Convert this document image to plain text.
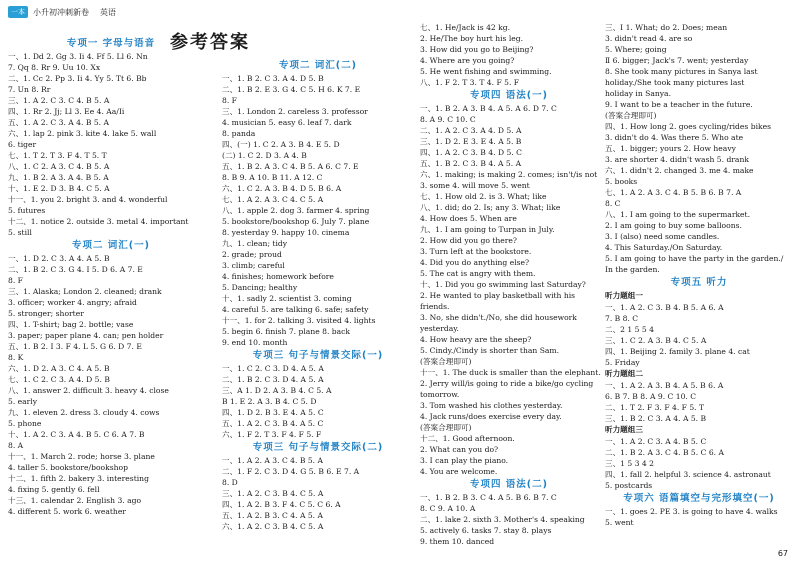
一本	小升初冲刺新卷 英语
参考答案
专项一 字母与语音
一、1. Dd 2. Gg 3. Ii 4. Ff 5. Ll 6. Nn
7. Qq 8. Rr 9. Uu 10. Xx
二、1. Cc 2. Pp 3. Ii 4. Yy 5. Tt 6. Bb
7. Un 8. Rr
三、1. A 2. C 3. C 4. B 5. A
四、1. Rr 2. Jj; Ll 3. Ee 4. Aa/Ii
五、1. A 2. C 3. A 4. B 5. A
六、1. lap 2. pink 3. kite 4. lake 5. wall
6. tiger
七、1. T 2. T 3. F 4. T 5. T
八、1. C 2. A 3. C 4. B 5. A
九、1. B 2. A 3. A 4. B 5. A
十、1. E 2. D 3. B 4. C 5. A
十一、1. you 2. bright 3. and 4. wonderful
5. futures
十二、1. notice 2. outside 3. metal 4. important
5. still
专项二 词汇(一)
一、1. D 2. C 3. A 4. A 5. B
二、1. B 2. C 3. G 4. I 5. D 6. A 7. E
8. F
三、1. Alaska; London 2. cleaned; drank
3. officer; worker 4. angry; afraid
5. stronger; shorter
四、1. T-shirt; bag 2. bottle; vase
3. paper; paper plane 4. can; pen holder
五、1. B 2. I 3. F 4. L 5. G 6. D 7. E
8. K
六、1. D 2. A 3. C 4. A 5. B
七、1. C 2. C 3. A 4. D 5. B
八、1. answer 2. difficult 3. heavy 4. close
5. early
九、1. eleven 2. dress 3. cloudy 4. cows
5. phone
十、1. A 2. C 3. A 4. B 5. C 6. A 7. B
8. A
十一、1. March 2. rode; horse 3. plane
4. taller 5. bookstore/bookshop
十二、1. fifth 2. bakery 3. interesting
4. fixing 5. gently 6. fell
十三、1. calendar 2. English 3. ago
4. different 5. work 6. weather
专项二 词汇(二)
一、1. B 2. C 3. A 4. D 5. B
二、1. B 2. E 3. G 4. C 5. H 6. K 7. E
8. F
三、1. London 2. careless 3. professor
4. musician 5. easy 6. leaf 7. dark
8. panda
四、(一) 1. C 2. A 3. B 4. E 5. D
(二) 1. C 2. D 3. A 4. B
五、1. B 2. A 3. C 4. B 5. A 6. C 7. E
8. B 9. A 10. B 11. A 12. C
六、1. C 2. A 3. B 4. D 5. B 6. A
七、1. A 2. A 3. C 4. C 5. A
八、1. apple 2. dog 3. farmer 4. spring
5. bookstore/bookshop 6. July 7. plane
8. yesterday 9. happy 10. cinema
九、1. clean; tidy
2. grade; proud
3. climb; careful
4. finishes; homework before
5. Dancing; healthy
十、1. sadly 2. scientist 3. coming
4. careful 5. are talking 6. safe; safety
十一、1. for 2. talking 3. visited 4. lights
5. begin 6. finish 7. plane 8. back
9. end 10. month
专项三 句子与情景交际(一)
一、1. C 2. C 3. D 4. A 5. A
二、1. B 2. C 3. D 4. A 5. A
三、A 1. D 2. A 3. B 4. C 5. A
B 1. E 2. A 3. B 4. C 5. D
四、1. D 2. B 3. E 4. A 5. C
五、1. A 2. C 3. B 4. A 5. C
六、1. F 2. T 3. F 4. F 5. F
专项三 句子与情景交际(二)
一、1. A 2. A 3. C 4. B 5. A
二、1. F 2. C 3. D 4. G 5. B 6. E 7. A
8. D
三、1. A 2. C 3. B 4. C 5. A
四、1. A 2. B 3. F 4. C 5. C 6. A
五、1. A 2. B 3. C 4. A 5. A
六、1. A 2. C 3. B 4. C 5. A
七、1. He/Jack is 42 kg.
2. He/The boy hurt his leg.
3. How did you go to Beijing?
4. Where are you going?
5. He went fishing and swimming.
八、1. F 2. T 3. T 4. F 5. F
专项四 语法(一)
一、1. B 2. A 3. B 4. A 5. A 6. D 7. C
8. A 9. C 10. C
二、1. A 2. C 3. A 4. D 5. A
三、1. D 2. E 3. E 4. A 5. B
四、1. A 2. C 3. B 4. D 5. C
五、1. B 2. C 3. B 4. A 5. A
六、1. making; is making 2. comes; isn't/is not
3. some 4. will move 5. went
七、1. How old 2. is 3. What; like
八、1. did; do 2. Is; any 3. What; like
4. How does 5. When are
九、1. I am going to Turpan in July.
2. How did you go there?
3. Turn left at the bookstore.
4. Did you do anything else?
5. The cat is angry with them.
十、1. Did you go swimming last Saturday?
2. He wanted to play basketball with his
friends.
3. No, she didn't./No, she did housework
yesterday.
4. How heavy are the sheep?
5. Cindy./Cindy is shorter than Sam.
(答案合理即可)
十一、1. The duck is smaller than the elephant.
2. Jerry will/is going to ride a bike/go cycling
tomorrow.
3. Tom washed his clothes yesterday.
4. Jack runs/does exercise every day.
(答案合理即可)
十二、1. Good afternoon.
2. What can you do?
3. I can play the piano.
4. You are welcome.
专项四 语法(二)
一、1. B 2. B 3. C 4. A 5. B 6. B 7. C
8. C 9. A 10. A
二、1. lake 2. sixth 3. Mother's 4. speaking
5. actively 6. tasks 7. stay 8. plays
9. them 10. danced
三、Ⅰ 1. What; do 2. Does; mean
3. didn't read 4. are so
5. Where; going
Ⅱ 6. bigger; Jack's 7. went; yesterday
8. She took many pictures in Sanya last
holiday./She took many pictures last
holiday in Sanya.
9. I want to be a teacher in the future.
(答案合理即可)
四、1. How long 2. goes cycling/rides bikes
3. didn't do 4. Was there 5. Who ate
五、1. bigger; yours 2. How heavy
3. are shorter 4. didn't wash 5. drank
六、1. didn't 2. changed 3. me 4. make
5. books
七、1. A 2. A 3. C 4. B 5. B 6. B 7. A
8. C
八、1. I am going to the supermarket.
2. I am going to buy some balloons.
3. I (also) need some candles.
4. This Saturday./On Saturday.
5. I am going to have the party in the garden./
In the garden.
专项五 听力
听力题组一
一、1. A 2. C 3. B 4. B 5. A 6. A
7. B 8. C
二、2 1 5 5 4
三、1. C 2. A 3. B 4. C 5. A
四、1. Beijing 2. family 3. plane 4. cat
5. Friday
听力题组二
一、1. A 2. A 3. B 4. A 5. B 6. A
6. B 7. B 8. A 9. C 10. C
二、1. T 2. F 3. F 4. F 5. T
三、1. B 2. C 3. A 4. A 5. B
听力题组三
一、1. A 2. C 3. A 4. B 5. C
二、1. B 2. A 3. C 4. B 5. C 6. A
三、1 5 3 4 2
四、1. fall 2. helpful 3. science 4. astronaut
5. postcards
专项六 语篇填空与完形填空(一)
一、1. goes 2. PE 3. is going to have 4. walks
5. went
67
